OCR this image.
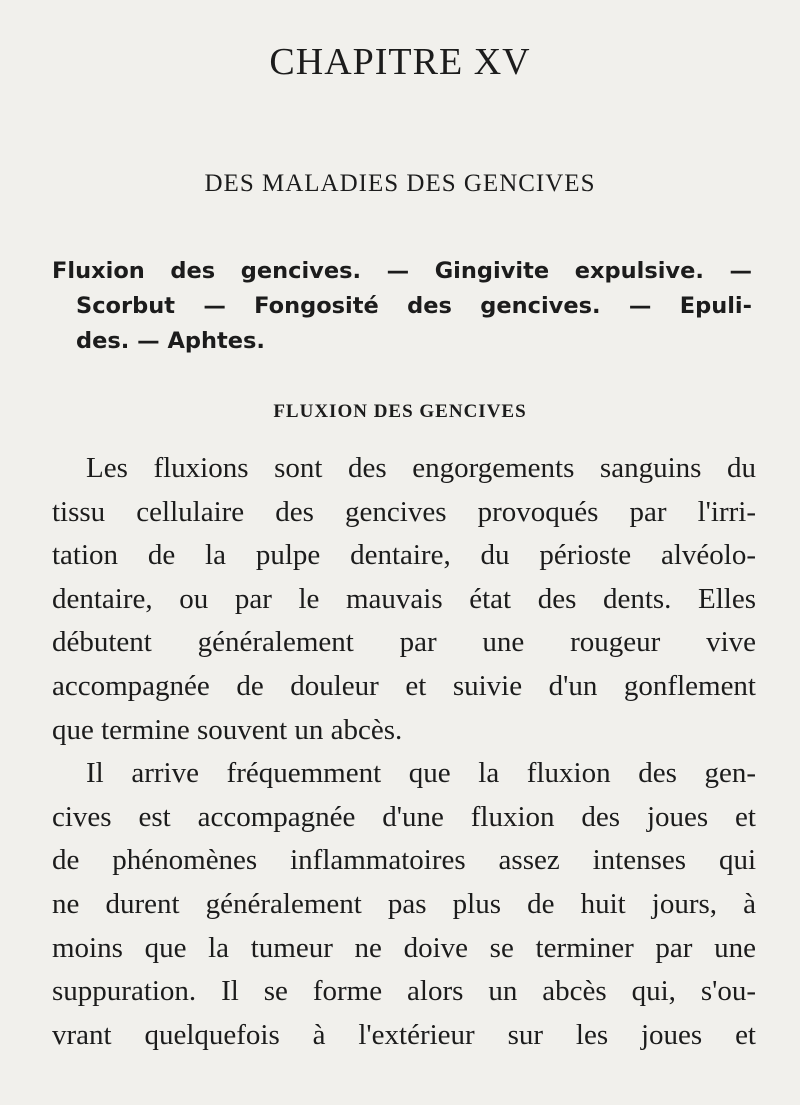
CHAPITRE XV
DES MALADIES DES GENCIVES
Fluxion des gencives. — Gingivite expulsive. —
Scorbut — Fongosité des gencives. — Epuli-
des. — Aphtes.
FLUXION DES GENCIVES
Les fluxions sont des engorgements sanguins du
tissu cellulaire des gencives provoqués par l'irri-
tation de la pulpe dentaire, du périoste alvéolo-
dentaire, ou par le mauvais état des dents. Elles
débutent généralement par une rougeur vive
accompagnée de douleur et suivie d'un gonflement
que termine souvent un abcès.
Il arrive fréquemment que la fluxion des gen-
cives est accompagnée d'une fluxion des joues et
de phénomènes inflammatoires assez intenses qui
ne durent généralement pas plus de huit jours, à
moins que la tumeur ne doive se terminer par une
suppuration. Il se forme alors un abcès qui, s'ou-
vrant quelquefois à l'extérieur sur les joues et
